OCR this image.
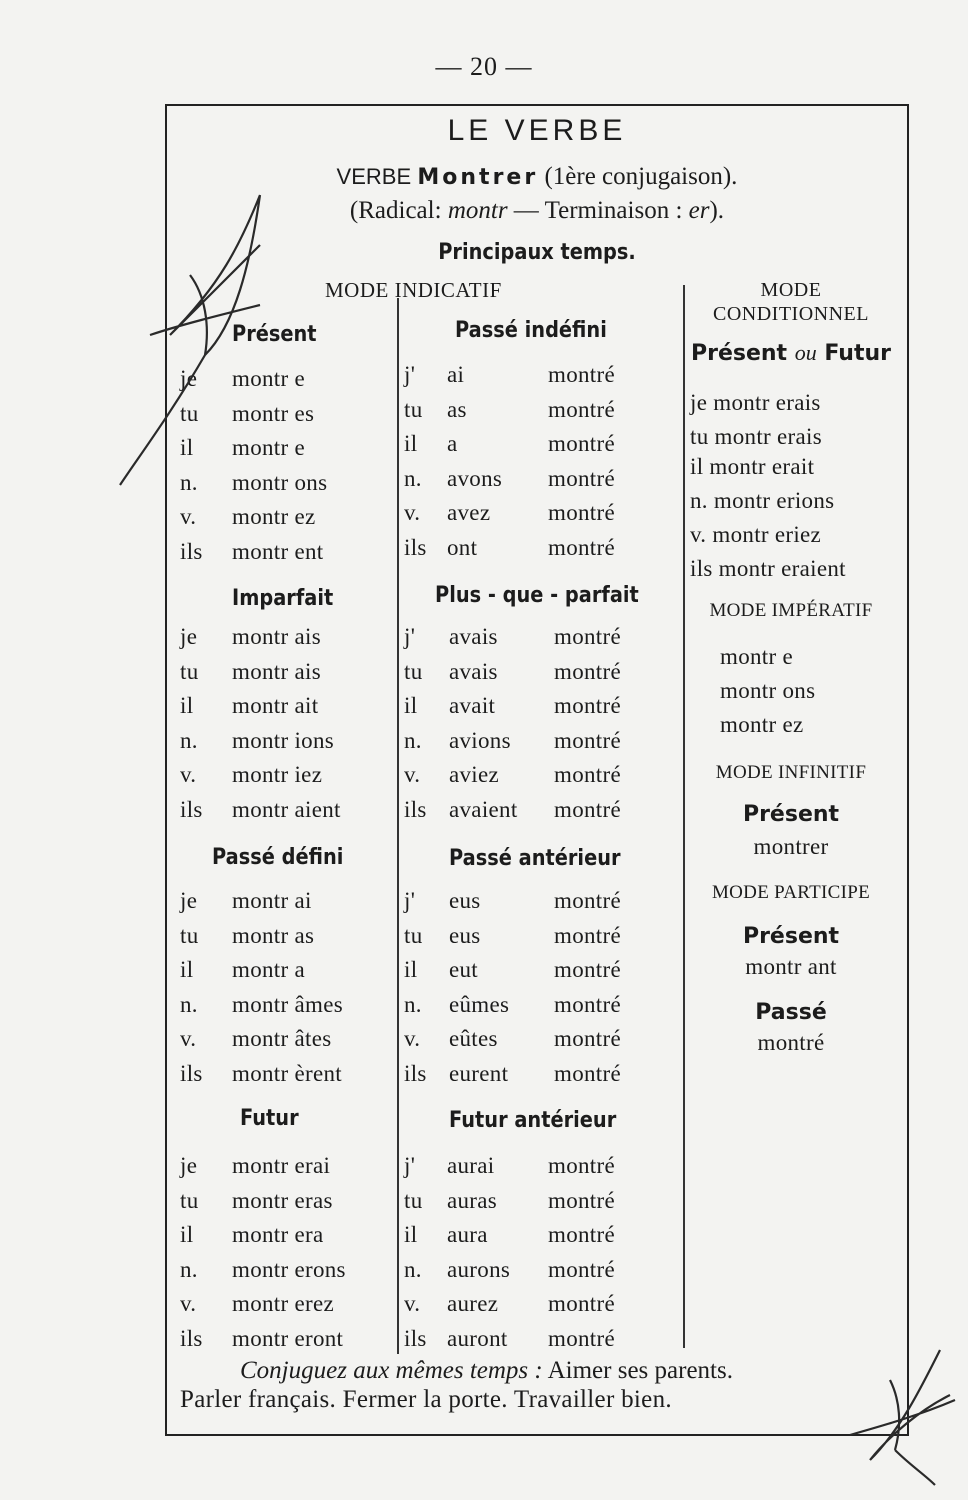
— 20 —
LE VERBE
VERBE Montrer (1ère conjugaison).
(Radical: montr — Terminaison : er).
Principaux temps.
MODE INDICATIF	MODE
CONDITIONNEL
Présent
je montr e
tu montr es
il montr e
n. montr ons
v. montr ez
ils montr ent
Passé indéfini
j' ai	montré
tu as	montré
il a	montré
n. avons montré
v. avez	montré
ils ont	montré
Imparfait
je montr ais
tu montr ais
il montr ait
n. montr ions
v. montr iez
ils montr aient
Plus - que - parfait
j' avais montré
tu avais montré
il avait	montré
n. avions montré
v. aviez montré
ils avaient montré
Passé défini
je montr ai
tu montr as
il montr a
n. montr âmes
v. montr âtes
ils montr èrent
Passé antérieur
j' eus	montré
tu eus	montré
il eut	montré
n. eûmes montré
v. eûtes montré
ils eurent montré
Futur
je montr erai
tu montr eras
il montr era
n. montr erons
v. montr erez
ils montr eront
Futur antérieur
j' aurai montré
tu auras montré
il aura	montré
n. aurons montré
v. aurez montré
ils auront montré
Présent ou Futur
je montr erais
tu montr erais
il montr erait
n. montr erions
v. montr eriez
ils montr eraient
MODE IMPÉRATIF
montr e
montr ons
montr ez
MODE INFINITIF
Présent
montrer
MODE PARTICIPE
Présent
montr ant
Passé
montré
Conjuguez aux mêmes temps : Aimer ses parents.
Parler français. Fermer la porte. Travailler bien.
